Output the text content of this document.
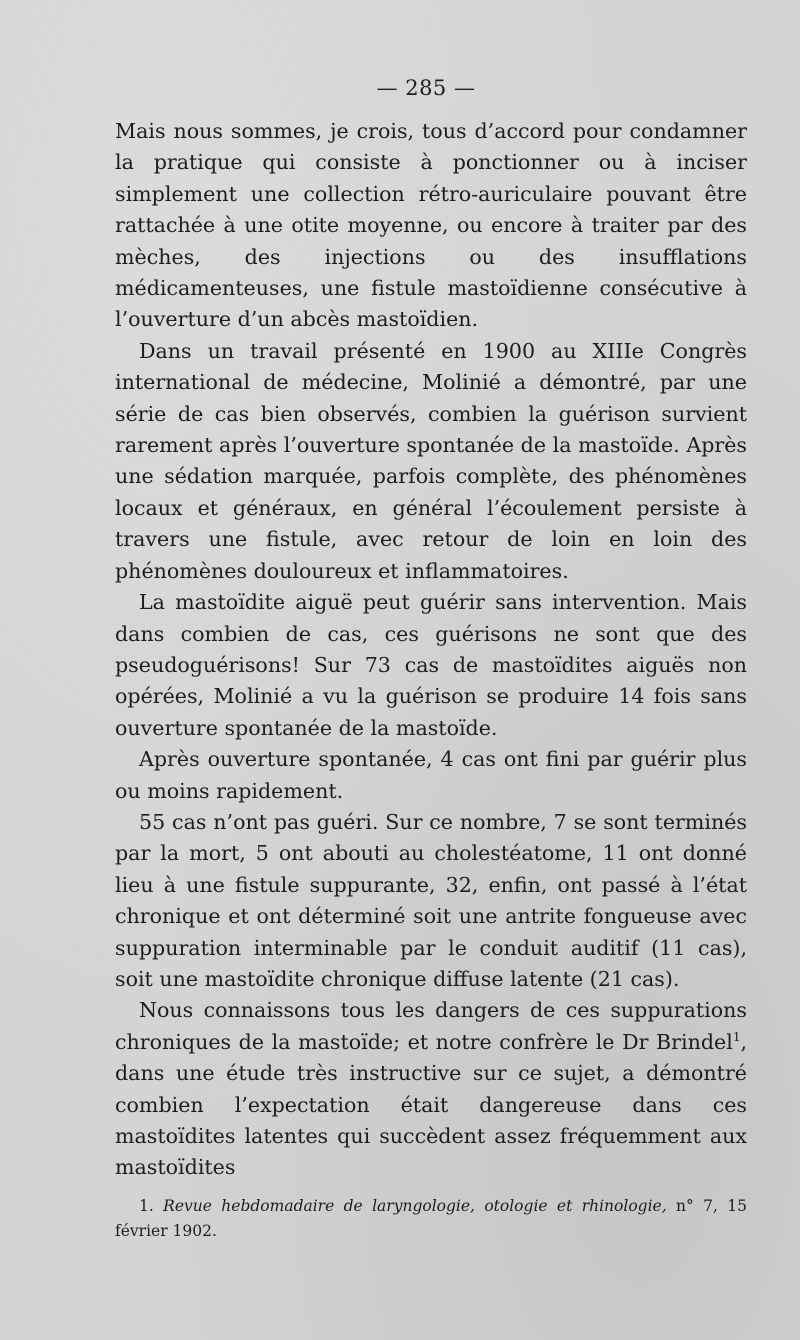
— 285 —

Mais nous sommes, je crois, tous d’accord pour condamner la pratique qui consiste à ponctionner ou à inciser simplement une collection rétro-auriculaire pouvant être rattachée à une otite moyenne, ou encore à traiter par des mèches, des injections ou des insufflations médicamenteuses, une fistule mastoïdienne consécutive à l’ouverture d’un abcès mastoïdien.

Dans un travail présenté en 1900 au XIIIe Congrès international de médecine, Molinié a démontré, par une série de cas bien observés, combien la guérison survient rarement après l’ouverture spontanée de la mastoïde. Après une sédation marquée, parfois complète, des phénomènes locaux et généraux, en général l’écoulement persiste à travers une fistule, avec retour de loin en loin des phénomènes douloureux et inflammatoires.

La mastoïdite aiguë peut guérir sans intervention. Mais dans combien de cas, ces guérisons ne sont que des pseudoguérisons! Sur 73 cas de mastoïdites aiguës non opérées, Molinié a vu la guérison se produire 14 fois sans ouverture spontanée de la mastoïde.

Après ouverture spontanée, 4 cas ont fini par guérir plus ou moins rapidement.

55 cas n’ont pas guéri. Sur ce nombre, 7 se sont terminés par la mort, 5 ont abouti au cholestéatome, 11 ont donné lieu à une fistule suppurante, 32, enfin, ont passé à l’état chronique et ont déterminé soit une antrite fongueuse avec suppuration interminable par le conduit auditif (11 cas), soit une mastoïdite chronique diffuse latente (21 cas).

Nous connaissons tous les dangers de ces suppurations chroniques de la mastoïde; et notre confrère le Dr Brindel$^1$, dans une étude très instructive sur ce sujet, a démontré combien l’expectation était dangereuse dans ces mastoïdites latentes qui succèdent assez fréquemment aux mastoïdites

1. Revue hebdomadaire de laryngologie, otologie et rhinologie, n° 7, 15 février 1902.
